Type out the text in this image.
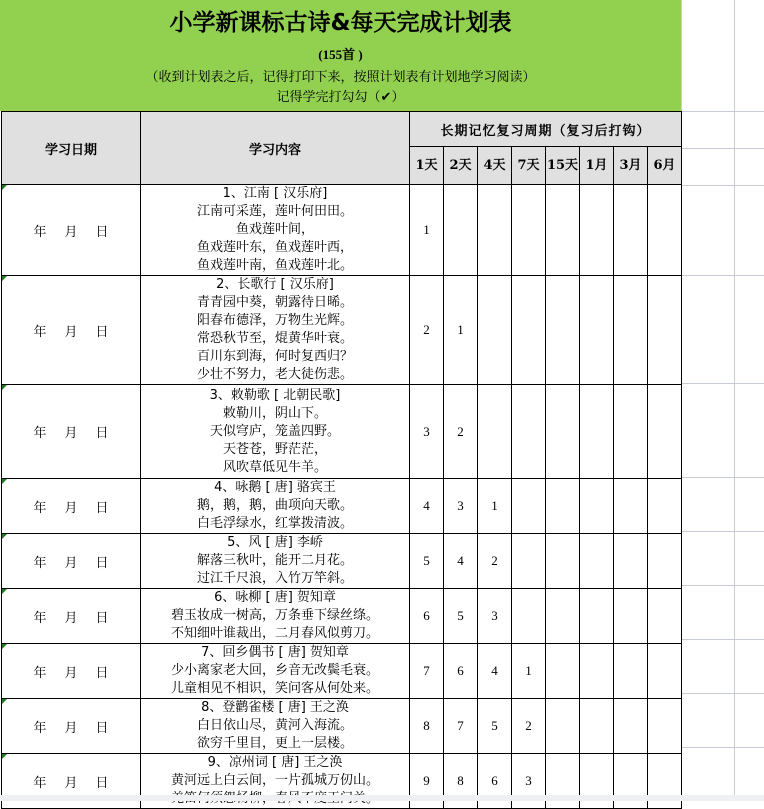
小学新课标古诗&每天完成计划表
(155首 )
（收到计划表之后，记得打印下来，按照计划表有计划地学习阅读）
记得学完打勾勾（✔）
学习日期	学习内容	长期记忆复习周期（复习后打钩）							
		1天	2天	4天	7天	15天	1月	3月	6月

年 月 日	1、江南 [ 汉乐府]
江南可采莲，莲叶何田田。
鱼戏莲叶间，
鱼戏莲叶东，鱼戏莲叶西，
鱼戏莲叶南，鱼戏莲叶北。	1							

年 月 日	
2、长歌行 [ 汉乐府]
青青园中葵，朝露待日晞。
阳春布德泽，万物生光辉。
常恐秋节至，焜黄华叶衰。
百川东到海，何时复西归？
少壮不努力，老大徒伤悲。
	2	1						

年 月 日	3、敕勒歌 [ 北朝民歌]
敕勒川，阴山下。
天似穹庐，笼盖四野。
天苍苍，野茫茫，
风吹草低见牛羊。	3	2						

年 月 日	4、咏鹅 [ 唐] 骆宾王
鹅，鹅，鹅，曲项向天歌。
白毛浮绿水，红掌拨清波。	4	3	1					

年 月 日	5、风 [ 唐] 李峤
解落三秋叶，能开二月花。
过江千尺浪，入竹万竿斜。	5	4	2					

年 月 日	6、咏柳 [ 唐] 贺知章
碧玉妆成一树高，万条垂下绿丝绦。
不知细叶谁裁出，二月春风似剪刀。	6	5	3					

年 月 日	7、回乡偶书 [ 唐] 贺知章
少小离家老大回，乡音无改鬓毛衰。
儿童相见不相识，笑问客从何处来。	7	6	4	1				

年 月 日	8、登鹳雀楼 [ 唐] 王之涣
白日依山尽，黄河入海流。
欲穷千里目，更上一层楼。	8	7	5	2				

年 月 日	9、凉州词 [ 唐] 王之涣
黄河远上白云间，一片孤城万仞山。	9	8	6	3				
